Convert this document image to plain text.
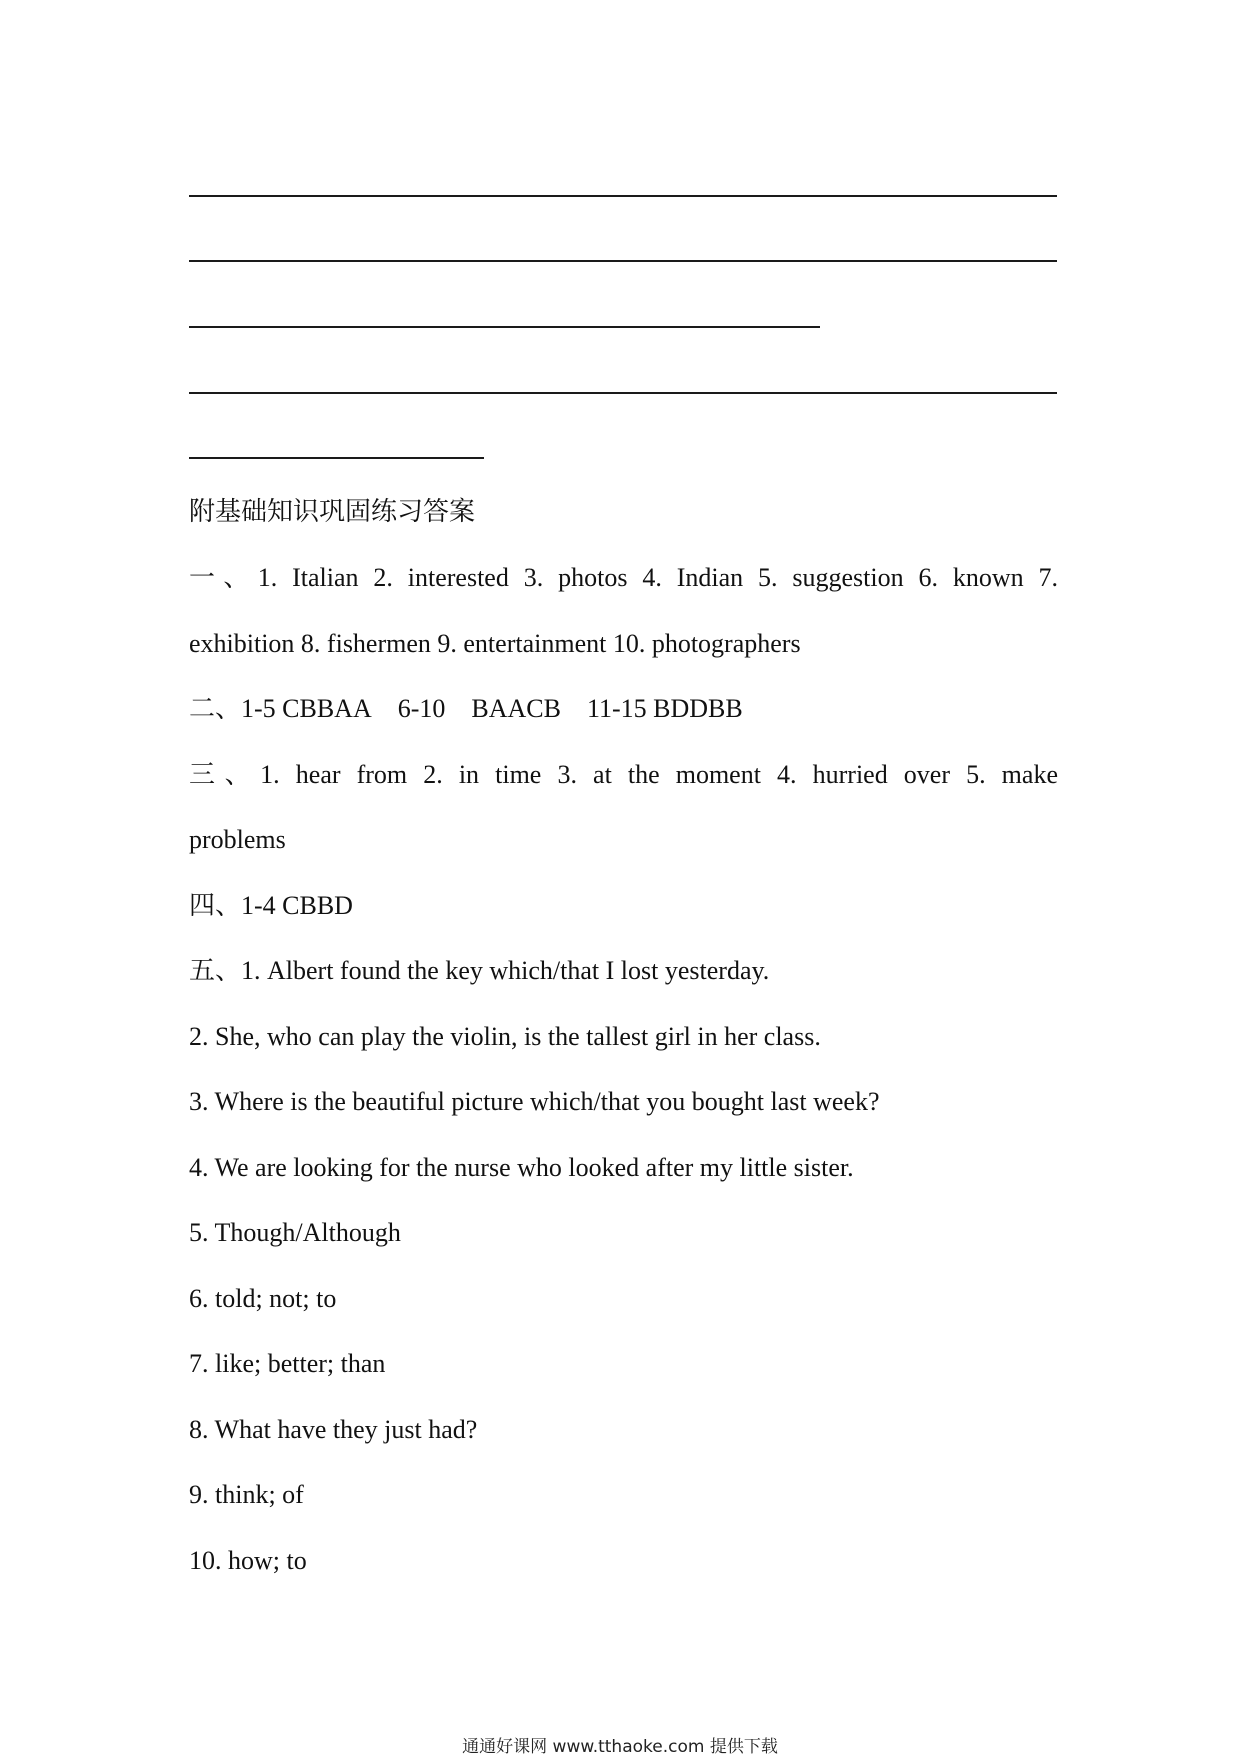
附基础知识巩固练习答案
一、1. Italian 2. interested 3. photos 4. Indian 5. suggestion 6. known 7.
exhibition 8. fishermen 9. entertainment 10. photographers
二、1-5 CBBAA    6-10    BAACB    11-15 BDDBB
三、1. hear from 2. in time 3. at the moment 4. hurried over 5. make
problems
四、1-4 CBBD
五、1. Albert found the key which/that I lost yesterday.
2. She, who can play the violin, is the tallest girl in her class.
3. Where is the beautiful picture which/that you bought last week?
4. We are looking for the nurse who looked after my little sister.
5. Though/Although
6. told; not; to
7. like; better; than
8. What have they just had?
9. think; of
10. how; to
通通好课网 www.tthaoke.com 提供下载
